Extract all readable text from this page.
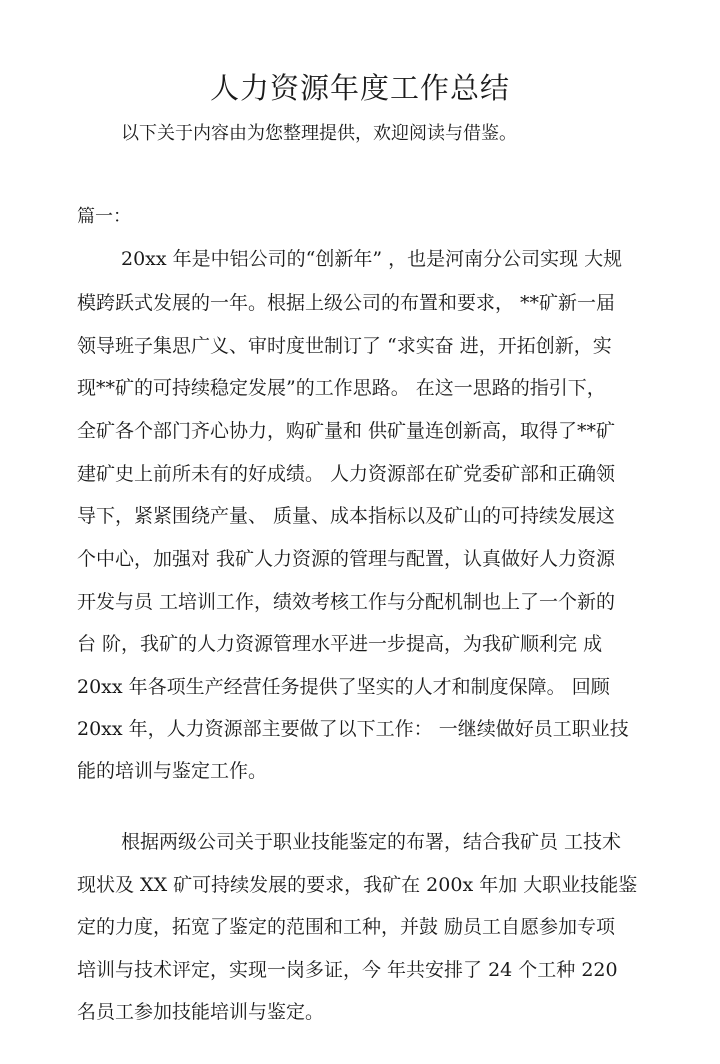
人力资源年度工作总结
以下关于内容由为您整理提供，欢迎阅读与借鉴。
篇一：
20xx 年是中铝公司的“创新年” ，也是河南分公司实现 大规
模跨跃式发展的一年。根据上级公司的布置和要求， **矿新一届
领导班子集思广义、审时度世制订了 “求实奋 进，开拓创新，实
现**矿的可持续稳定发展”的工作思路。 在这一思路的指引下，
全矿各个部门齐心协力，购矿量和 供矿量连创新高，取得了**矿
建矿史上前所未有的好成绩。 人力资源部在矿党委矿部和正确领
导下，紧紧围绕产量、 质量、成本指标以及矿山的可持续发展这
个中心，加强对 我矿人力资源的管理与配置，认真做好人力资源
开发与员 工培训工作，绩效考核工作与分配机制也上了一个新的
台 阶，我矿的人力资源管理水平进一步提高，为我矿顺利完 成
20xx 年各项生产经营任务提供了坚实的人才和制度保障。 回顾
20xx 年，人力资源部主要做了以下工作： 一继续做好员工职业技
能的培训与鉴定工作。
根据两级公司关于职业技能鉴定的布署，结合我矿员 工技术
现状及 XX 矿可持续发展的要求，我矿在 200x 年加 大职业技能鉴
定的力度，拓宽了鉴定的范围和工种，并鼓 励员工自愿参加专项
培训与技术评定，实现一岗多证，今 年共安排了 24 个工种 220
名员工参加技能培训与鉴定。
